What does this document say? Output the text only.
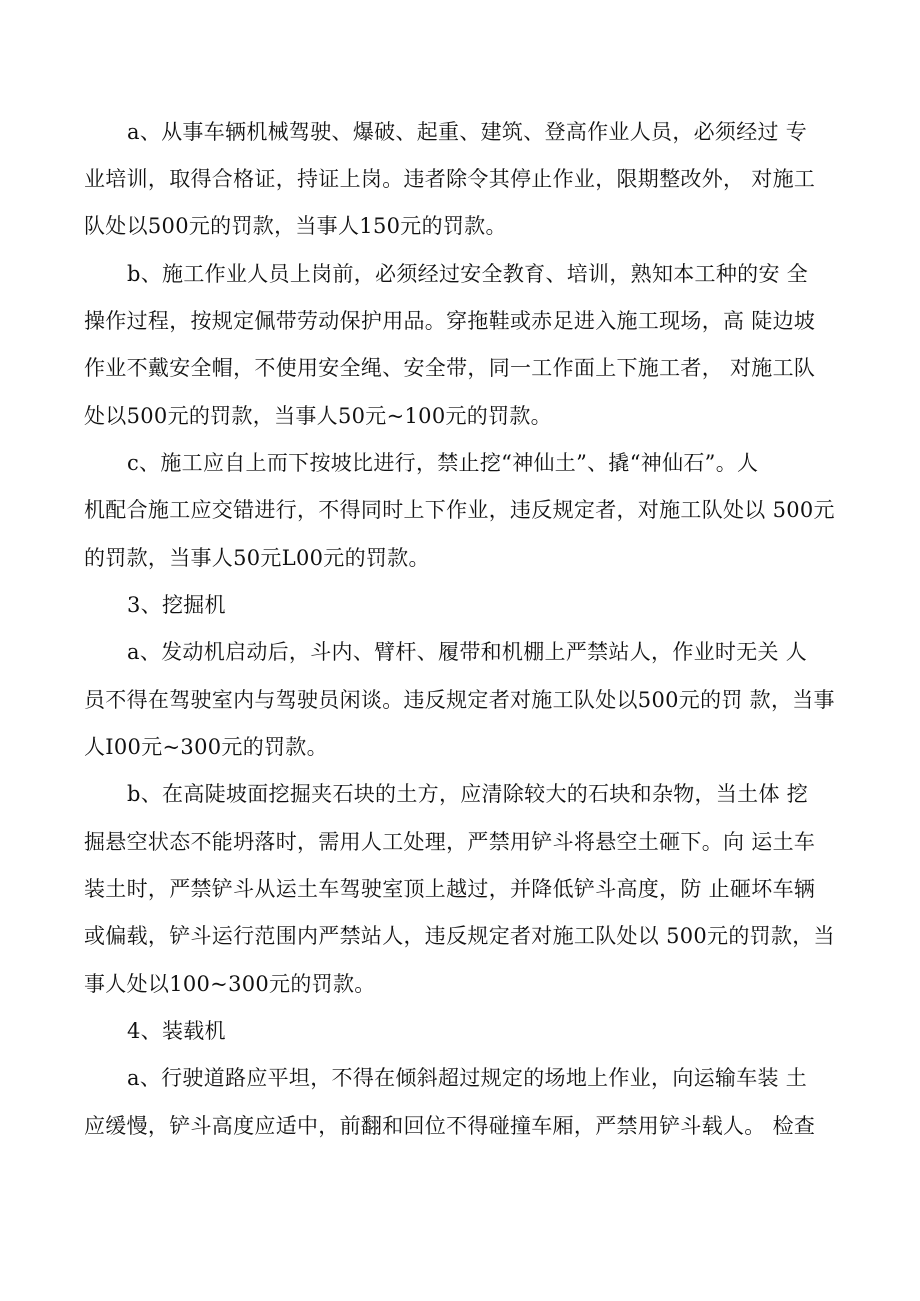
a、从事车辆机械驾驶、爆破、起重、建筑、登高作业人员，必须经过 专
业培训，取得合格证，持证上岗。违者除令其停止作业，限期整改外， 对施工
队处以500元的罚款，当事人150元的罚款。
b、施工作业人员上岗前，必须经过安全教育、培训，熟知本工种的安 全
操作过程，按规定佩带劳动保护用品。穿拖鞋或赤足进入施工现场，高 陡边坡
作业不戴安全帽，不使用安全绳、安全带，同一工作面上下施工者， 对施工队
处以500元的罚款，当事人50元~100元的罚款。
c、施工应自上而下按坡比进行，禁止挖“神仙土”、撬“神仙石”。人
机配合施工应交错进行，不得同时上下作业，违反规定者，对施工队处以 500元
的罚款，当事人50元L00元的罚款。
3、挖掘机
a、发动机启动后，斗内、臂杆、履带和机棚上严禁站人，作业时无关 人
员不得在驾驶室内与驾驶员闲谈。违反规定者对施工队处以500元的罚 款，当事
人I00元~300元的罚款。
b、在高陡坡面挖掘夹石块的土方，应清除较大的石块和杂物，当土体 挖
掘悬空状态不能坍落时，需用人工处理，严禁用铲斗将悬空土砸下。向 运土车
装土时，严禁铲斗从运土车驾驶室顶上越过，并降低铲斗高度，防 止砸坏车辆
或偏载，铲斗运行范围内严禁站人，违反规定者对施工队处以 500元的罚款，当
事人处以100~300元的罚款。
4、装载机
a、行驶道路应平坦，不得在倾斜超过规定的场地上作业，向运输车装 土
应缓慢，铲斗高度应适中，前翻和回位不得碰撞车厢，严禁用铲斗载人。 检查
